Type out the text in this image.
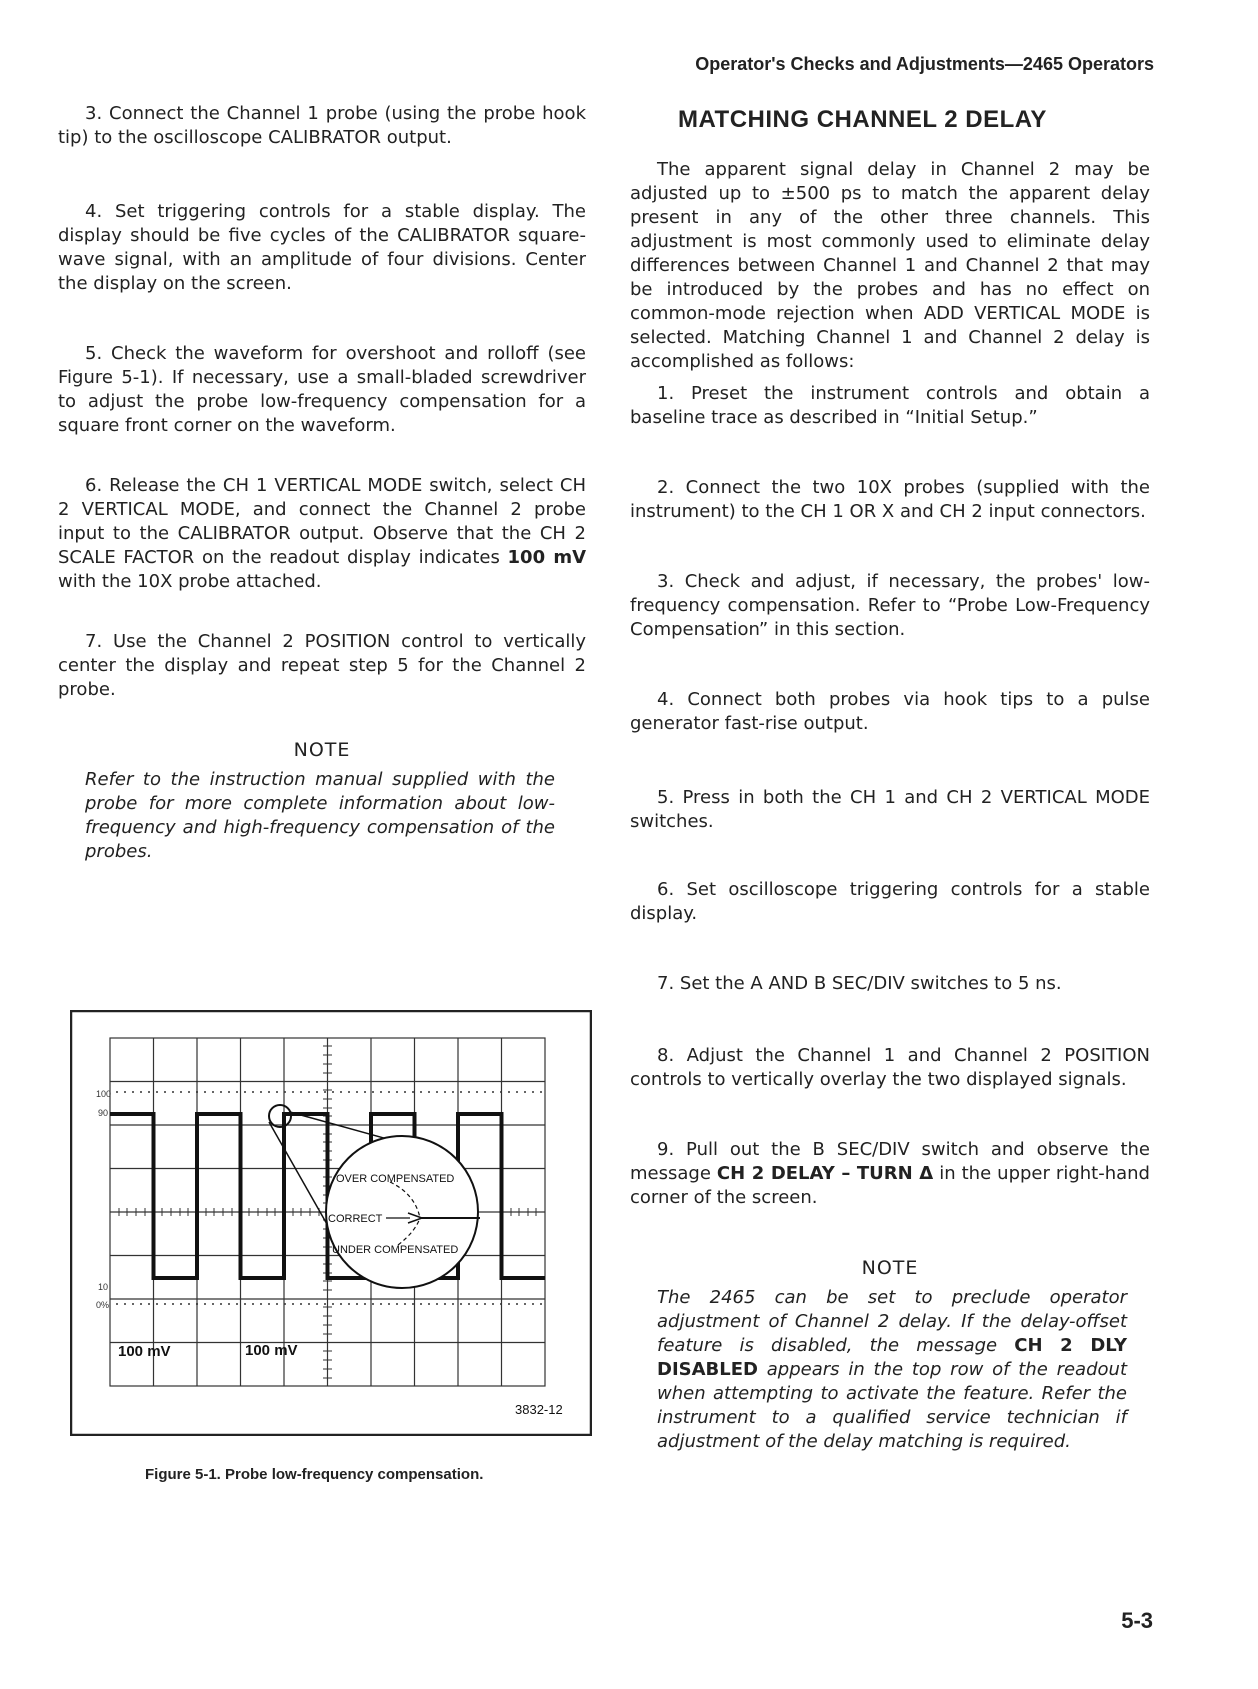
Operator's Checks and Adjustments—2465 Operators

3. Connect the Channel 1 probe (using the probe hook tip) to the oscilloscope CALIBRATOR output.

4. Set triggering controls for a stable display. The display should be five cycles of the CALIBRATOR square-wave signal, with an amplitude of four divisions. Center the display on the screen.

5. Check the waveform for overshoot and rolloff (see Figure 5-1). If necessary, use a small-bladed screwdriver to adjust the probe low-frequency compensation for a square front corner on the waveform.

6. Release the CH 1 VERTICAL MODE switch, select CH 2 VERTICAL MODE, and connect the Channel 2 probe input to the CALIBRATOR output. Observe that the CH 2 SCALE FACTOR on the readout display indicates 100 mV with the 10X probe attached.

7. Use the Channel 2 POSITION control to vertically center the display and repeat step 5 for the Channel 2 probe.

NOTE

Refer to the instruction manual supplied with the probe for more complete information about low-frequency and high-frequency compensation of the probes.

100
90
10
0%
OVER COMPENSATED
CORRECT
UNDER COMPENSATED
100 mV	100 mV
3832-12
Figure 5-1. Probe low-frequency compensation.
MATCHING CHANNEL 2 DELAY

The apparent signal delay in Channel 2 may be adjusted up to ±500 ps to match the apparent delay present in any of the other three channels. This adjustment is most commonly used to eliminate delay differences between Channel 1 and Channel 2 that may be introduced by the probes and has no effect on common-mode rejection when ADD VERTICAL MODE is selected. Matching Channel 1 and Channel 2 delay is accomplished as follows:

1. Preset the instrument controls and obtain a baseline trace as described in “Initial Setup.”

2. Connect the two 10X probes (supplied with the instrument) to the CH 1 OR X and CH 2 input connectors.

3. Check and adjust, if necessary, the probes' low-frequency compensation. Refer to “Probe Low-Frequency Compensation” in this section.

4. Connect both probes via hook tips to a pulse generator fast-rise output.

5. Press in both the CH 1 and CH 2 VERTICAL MODE switches.

6. Set oscilloscope triggering controls for a stable display.

7. Set the A AND B SEC/DIV switches to 5 ns.

8. Adjust the Channel 1 and Channel 2 POSITION controls to vertically overlay the two displayed signals.

9. Pull out the B SEC/DIV switch and observe the message CH 2 DELAY – TURN Δ in the upper right-hand corner of the screen.

NOTE

The 2465 can be set to preclude operator adjustment of Channel 2 delay. If the delay-offset feature is disabled, the message CH 2 DLY DISABLED appears in the top row of the readout when attempting to activate the feature. Refer the instrument to a qualified service technician if adjustment of the delay matching is required.

5-3
